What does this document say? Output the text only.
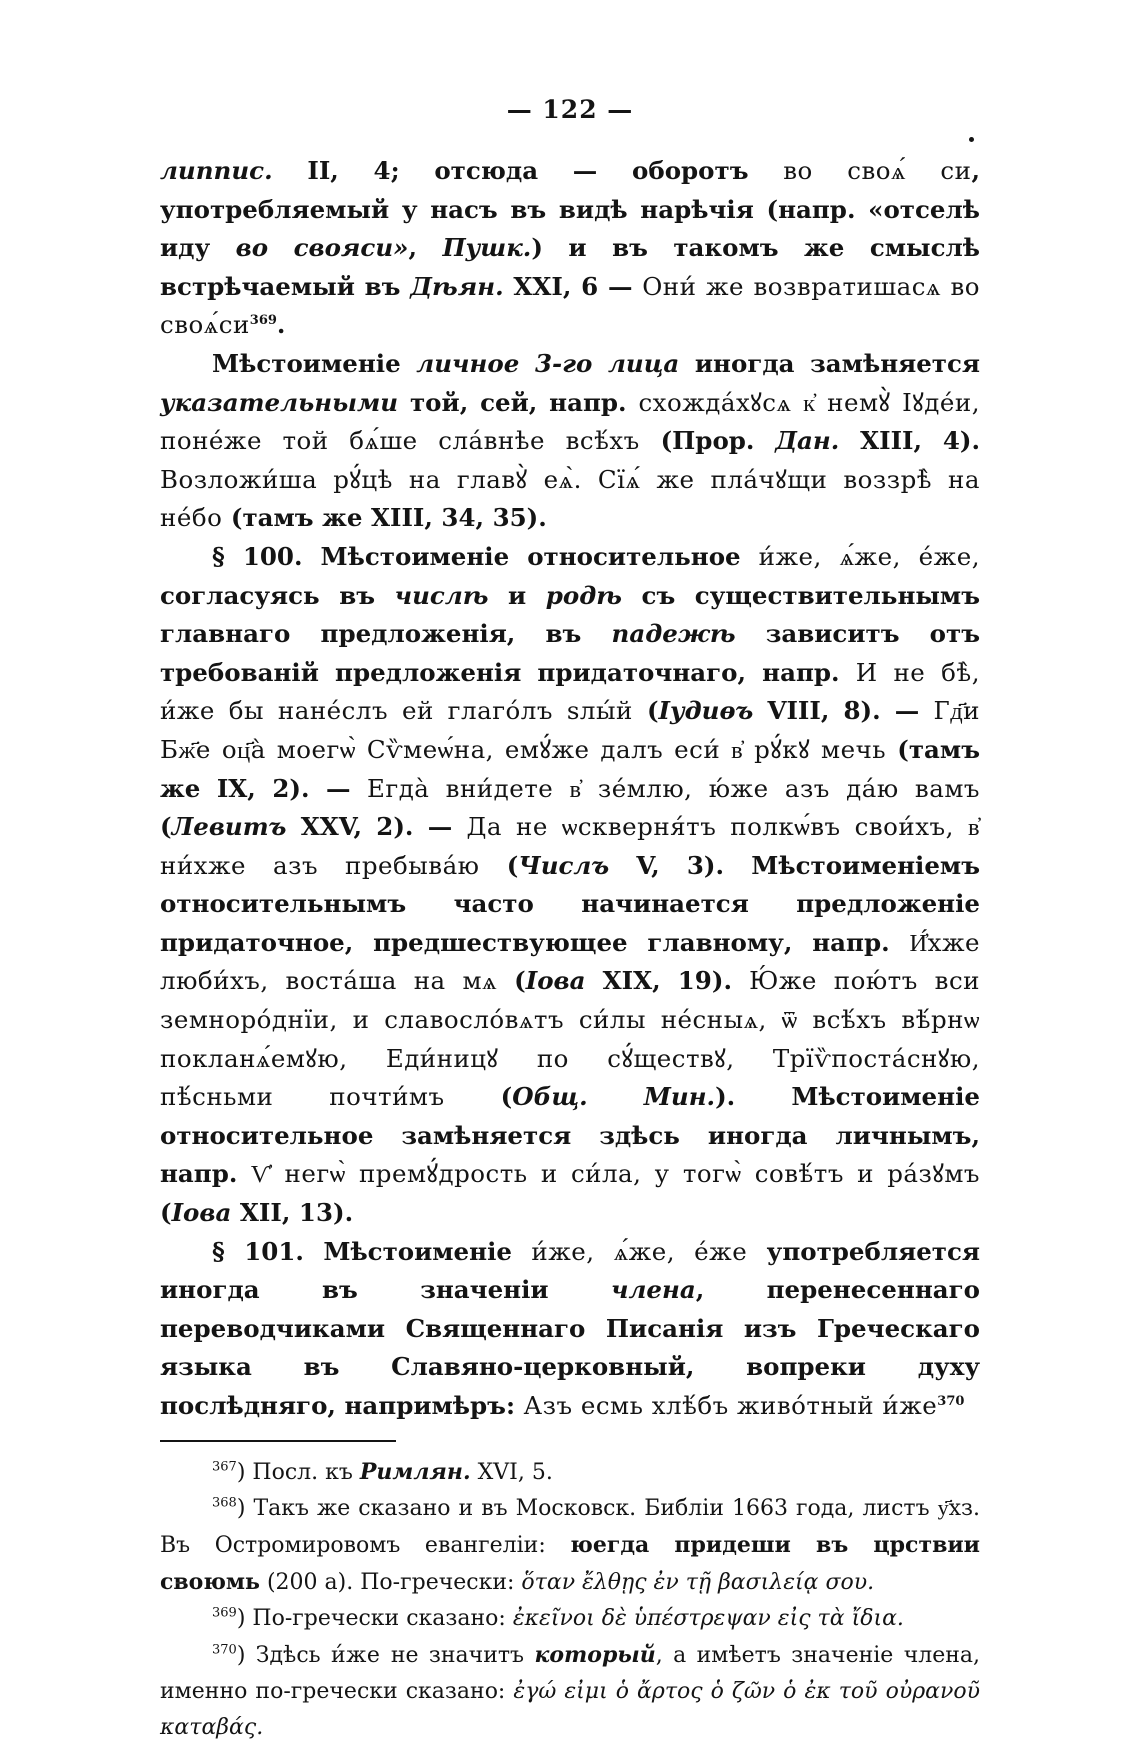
— 122 —

липпис. II, 4; отсюда — оборотъ во своѧ́ си, употребляемый у насъ въ видѣ нарѣчія (напр. «отселѣ иду во свояси», Пушк.) и въ такомъ же смыслѣ встрѣчаемый въ Дѣян. XXI, 6 — Они́ же возвратишасѧ во $своѧ́си^{369}$.

Мѣстоименіе личное 3-го лица иногда замѣняется указательными той, сей, напр. схожда́хꙋсѧ к҆ немꙋ̀ Іꙋде́и, поне́же той бѧ́ше сла́внѣе всѣ́хъ (Прор. Дан. XIII, 4). Возложи́ша рꙋ́цѣ на главꙋ̀ еѧ̀. Сїѧ́ же пла́чꙋщи воззрѣ̀ на не́бо (тамъ же XIII, 34, 35).

§ 100. Мѣстоименіе относительное и́же, ѧ́же, е́же, согласуясь въ числѣ и родѣ съ существительнымъ главнаго предложенія, въ падежѣ зависитъ отъ требованій предложенія придаточнаго, напр. И не бѣ̀, и́же бы нане́слъ ей глаго́лъ ѕлы́й (Іудиѳъ VIII, 8). — Гд҃и Бж҃е оц҃а̀ моегѡ̀ Сѷмеѡ́на, емꙋ́же далъ еси́ в҆ рꙋ́кꙋ мечь (тамъ же IX, 2). — Егда̀ вни́дете в҆ зе́млю, ю́же азъ да́ю вамъ (Левитъ XXV, 2). — Да не ѡскверня́тъ полкѡ́въ свои́хъ, в҆ ни́хже азъ пребыва́ю (Числъ V, 3). Мѣстоименіемъ относительнымъ часто начинается предложеніе придаточное, предшествующее главному, напр. И҆́хже люби́хъ, воста́ша на мѧ (Іова XIX, 19). Ю́же пою́тъ вси земноро́днїи, и славосло́вѧтъ си́лы не́сныѧ, ѿ всѣ́хъ вѣ́рнѡ покланѧ́емꙋю, Еди́ницꙋ по сꙋ́ществꙋ, Трїѷпоста́снꙋю, пѣ́сньми почти́мъ (Общ. Мин.). Мѣстоименіе относительное замѣняется здѣсь иногда личнымъ, напр. Ѵ҆ негѡ̀ премꙋ́дрость и си́ла, у тогѡ̀ совѣ́тъ и ра́зꙋмъ (Іова XII, 13).

§ 101. Мѣстоименіе и́же, ѧ́же, е́же употребляется иногда въ значеніи члена, перенесеннаго переводчиками Священнаго Писанія изъ Греческаго языка въ Славяно-церковный, вопреки духу послѣдняго, напримѣръ: Азъ есмь хлѣ́бъ живо́тный $и́же^{370}$

$^{367}$) Посл. къ Римлян. XVI, 5.

$^{368}$) Такъ же сказано и въ Московск. Библіи 1663 года, листъ у҃хз. Въ Остромировомъ евангеліи: юегда придеши въ црствии своюмь (200 а). По-гречески: ὅταν ἔλθῃς ἐν τῇ βασιλείᾳ σου.

$^{369}$) По-гречески сказано: ἐκεῖνοι δὲ ὑπέστρεψαν εἰς τὰ ἴδια.

$^{370}$) Здѣсь и́же не значитъ который, а имѣетъ значеніе члена, именно по-гречески сказано: ἐγώ εἰμι ὁ ἄρτος ὁ ζῶν ὁ ἐκ τοῦ οὐρανοῦ καταβάς.
